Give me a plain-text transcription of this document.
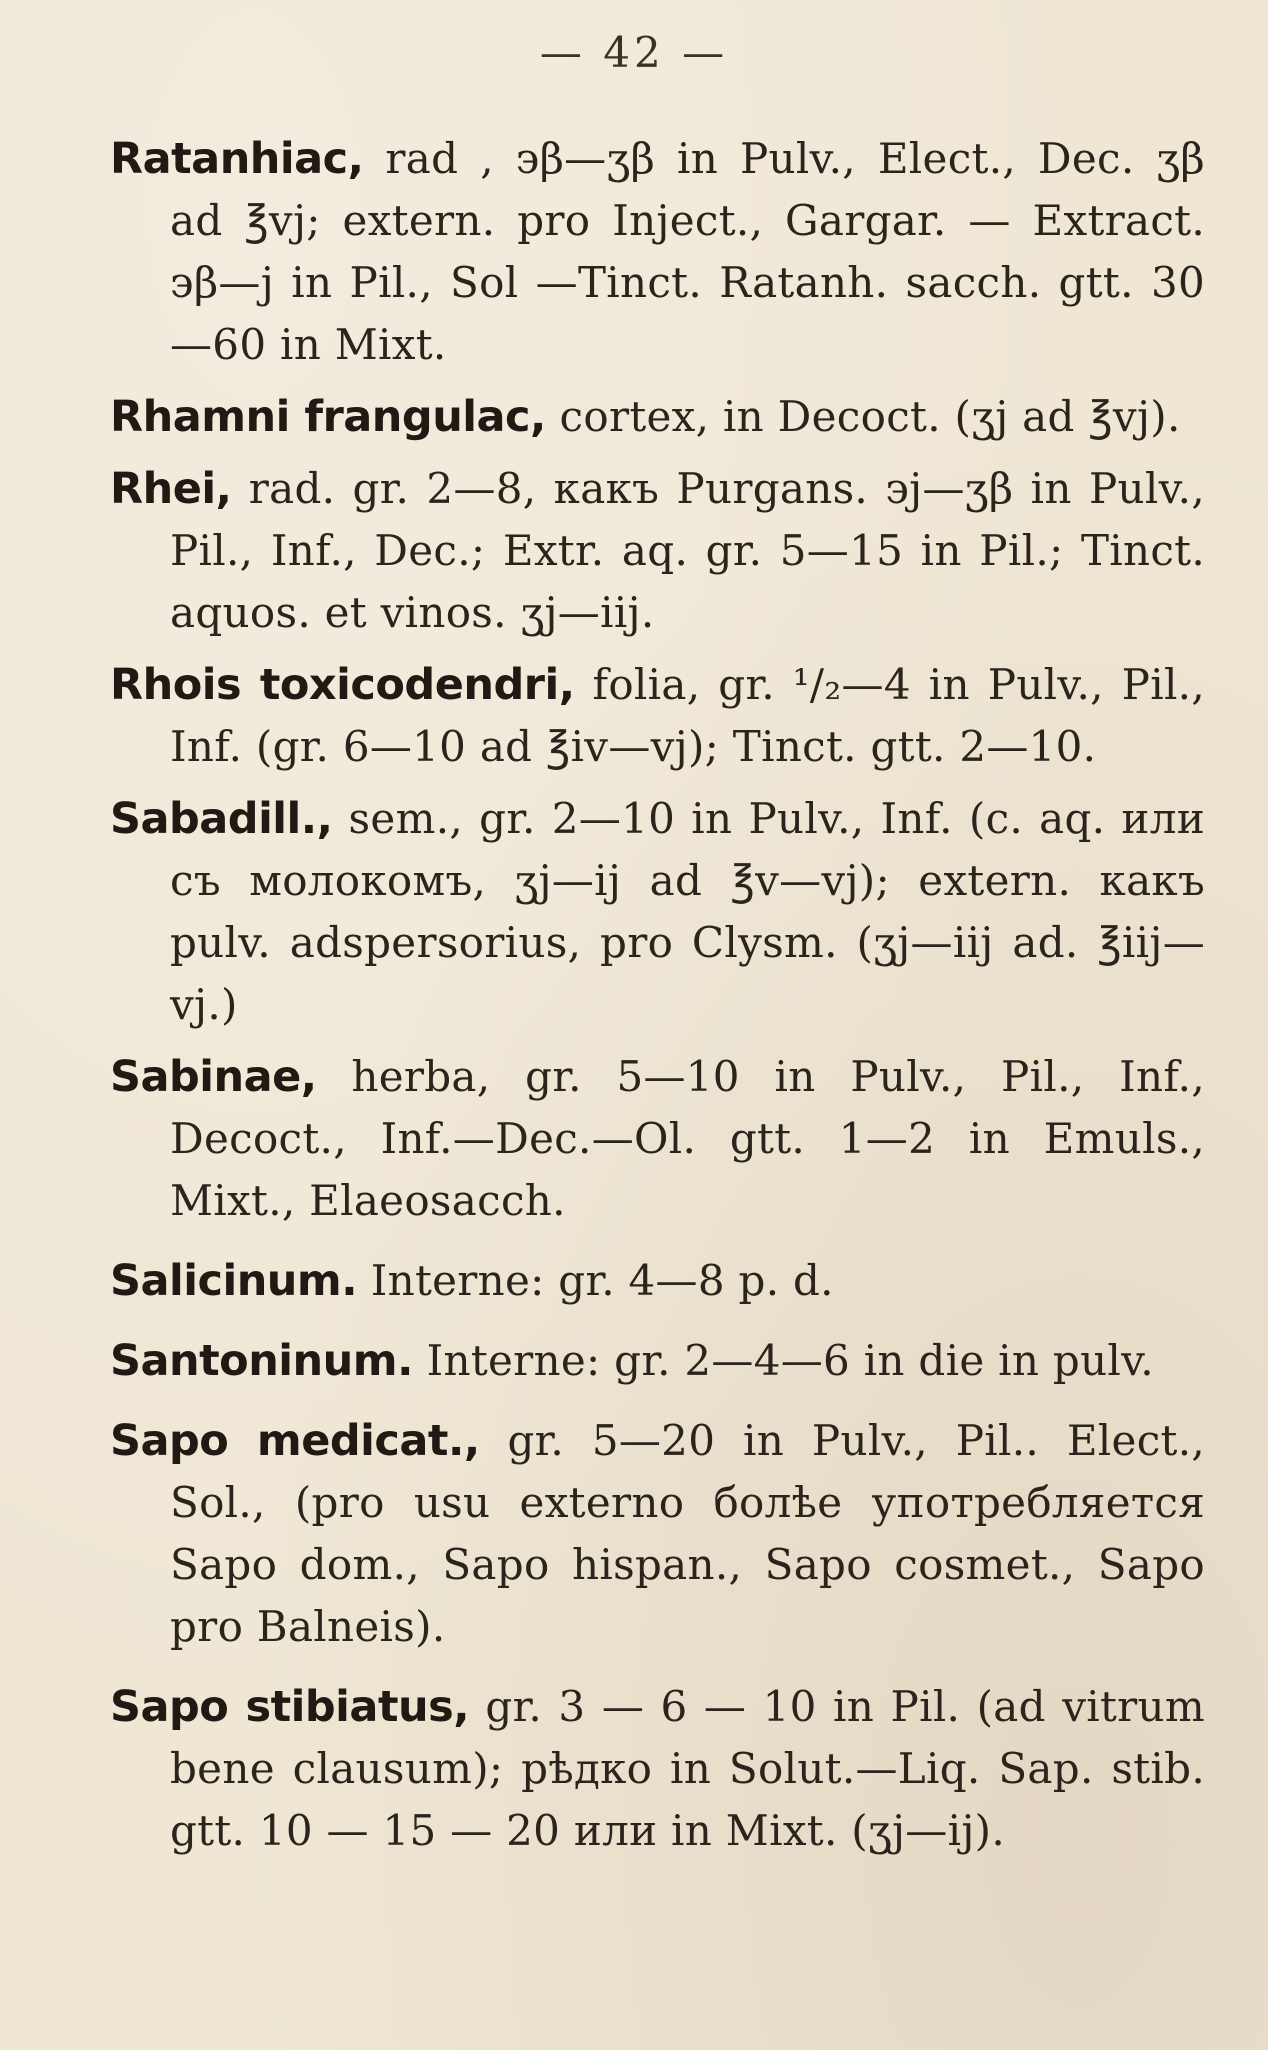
— 42 —

Ratanhiac, rad , ϶β—ʒβ in Pulv., Elect., Dec. ʒβ ad ℥vj; extern. pro Inject., Gargar. — Extract. ϶β—j in Pil., Sol —Tinct. Ratanh. sacch. gtt. 30—60 in Mixt.

Rhamni frangulac, cortex, in Decoct. (ʒj ad ℥vj).

Rhei, rad. gr. 2—8, какъ Purgans. ϶j—ʒβ in Pulv., Pil., Inf., Dec.; Extr. aq. gr. 5—15 in Pil.; Tinct. aquos. et vinos. ʒj—iij.

Rhois toxicodendri, folia, gr. ¹/₂—4 in Pulv., Pil., Inf. (gr. 6—10 ad ℥iv—vj); Tinct. gtt. 2—10.

Sabadill., sem., gr. 2—10 in Pulv., Inf. (c. aq. или съ молокомъ, ʒj—ij ad ℥v—vj); extern. какъ pulv. adspersorius, pro Clysm. (ʒj—iij ad. ℥iij—vj.)

Sabinae, herba, gr. 5—10 in Pulv., Pil., Inf., Decoct., Inf.—Dec.—Ol. gtt. 1—2 in Emuls., Mixt., Elaeosacch.

Salicinum. Interne: gr. 4—8 p. d.

Santoninum. Interne: gr. 2—4—6 in die in pulv.

Sapo medicat., gr. 5—20 in Pulv., Pil.. Elect., Sol., (pro usu externo болѣе употребляется Sapo dom., Sapo hispan., Sapo cosmet., Sapo pro Balneis).

Sapo stibiatus, gr. 3 — 6 — 10 in Pil. (ad vitrum bene clausum); рѣдко in Solut.—Liq. Sap. stib. gtt. 10 — 15 — 20 или in Mixt. (ʒj—ij).
